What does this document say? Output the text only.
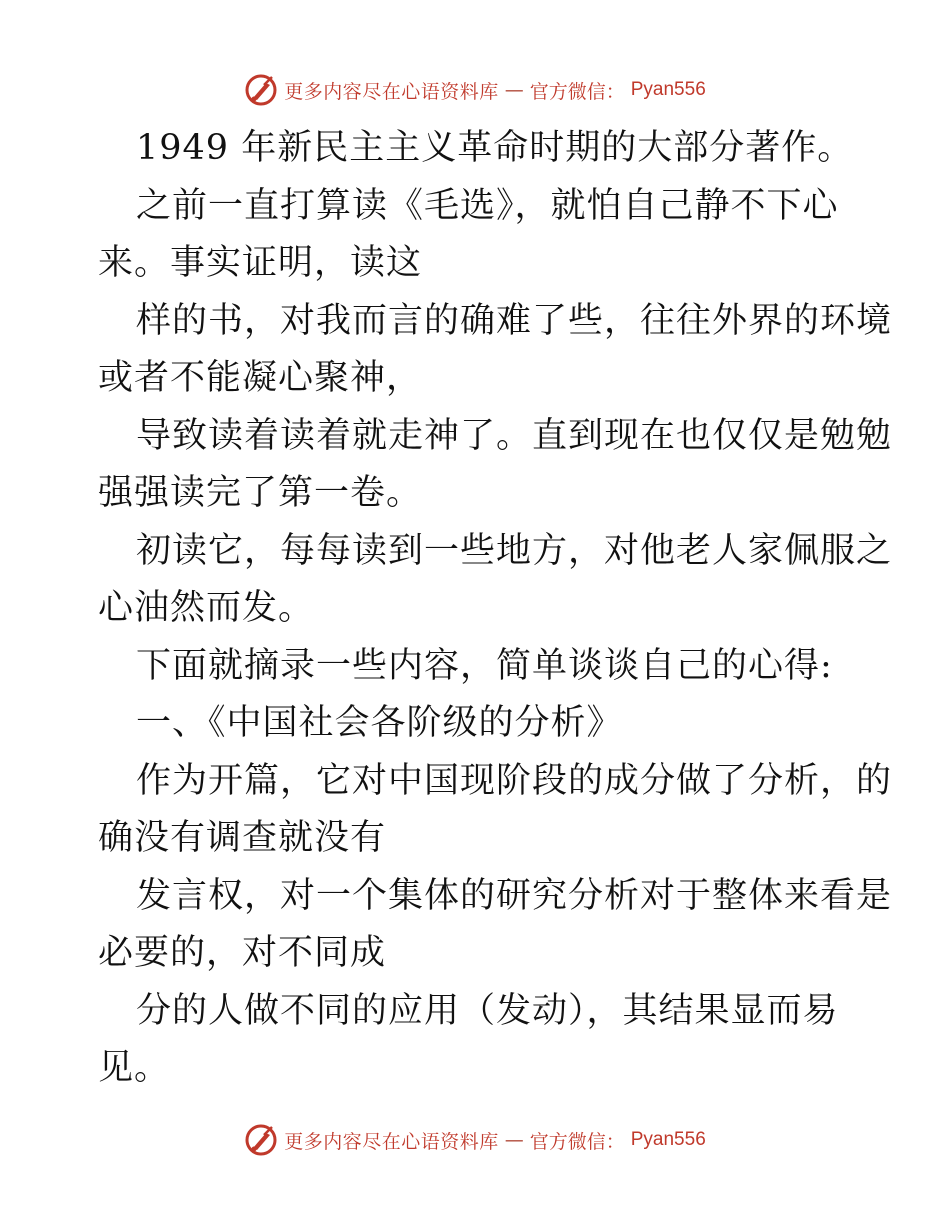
更多内容尽在心语资料库 — 官方微信： Pyan556
1949 年新民主主义革命时期的大部分著作。
之前一直打算读《毛选》，就怕自己静不下心
来。事实证明，读这
样的书，对我而言的确难了些，往往外界的环境
或者不能凝心聚神，
导致读着读着就走神了。直到现在也仅仅是勉勉
强强读完了第一卷。
初读它，每每读到一些地方，对他老人家佩服之
心油然而发。
下面就摘录一些内容，简单谈谈自己的心得:
一、《中国社会各阶级的分析》
作为开篇，它对中国现阶段的成分做了分析，的
确没有调查就没有
发言权，对一个集体的研究分析对于整体来看是
必要的，对不同成
分的人做不同的应用（发动），其结果显而易
见。
更多内容尽在心语资料库 — 官方微信： Pyan556
